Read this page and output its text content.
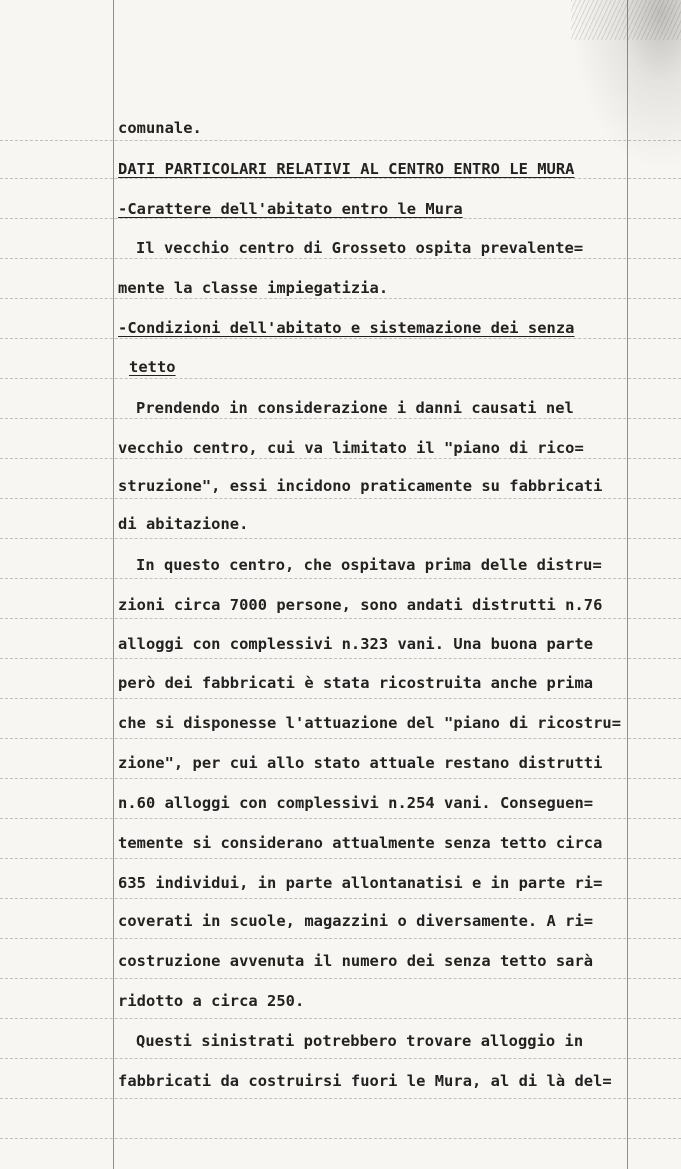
comunale.
DATI PARTICOLARI RELATIVI AL CENTRO ENTRO LE MURA
-Carattere dell'abitato entro le Mura
Il vecchio centro di Grosseto ospita prevalente=
mente la classe impiegatizia.
-Condizioni dell'abitato e sistemazione dei senza
tetto
Prendendo in considerazione i danni causati nel
vecchio centro, cui va limitato il "piano di rico=
struzione", essi incidono praticamente su fabbricati
di abitazione.
In questo centro, che ospitava prima delle distru=
zioni circa 7000 persone, sono andati distrutti n.76
alloggi con complessivi n.323 vani. Una buona parte
però dei fabbricati è stata ricostruita anche prima
che si disponesse l'attuazione del "piano di ricostru=
zione", per cui allo stato attuale restano distrutti
n.60 alloggi con complessivi n.254 vani. Conseguen=
temente si considerano attualmente senza tetto circa
635 individui, in parte allontanatisi e in parte ri=
coverati in scuole, magazzini o diversamente. A ri=
costruzione avvenuta il numero dei senza tetto sarà
ridotto a circa 250.
Questi sinistrati potrebbero trovare alloggio in
fabbricati da costruirsi fuori le Mura, al di là del=
